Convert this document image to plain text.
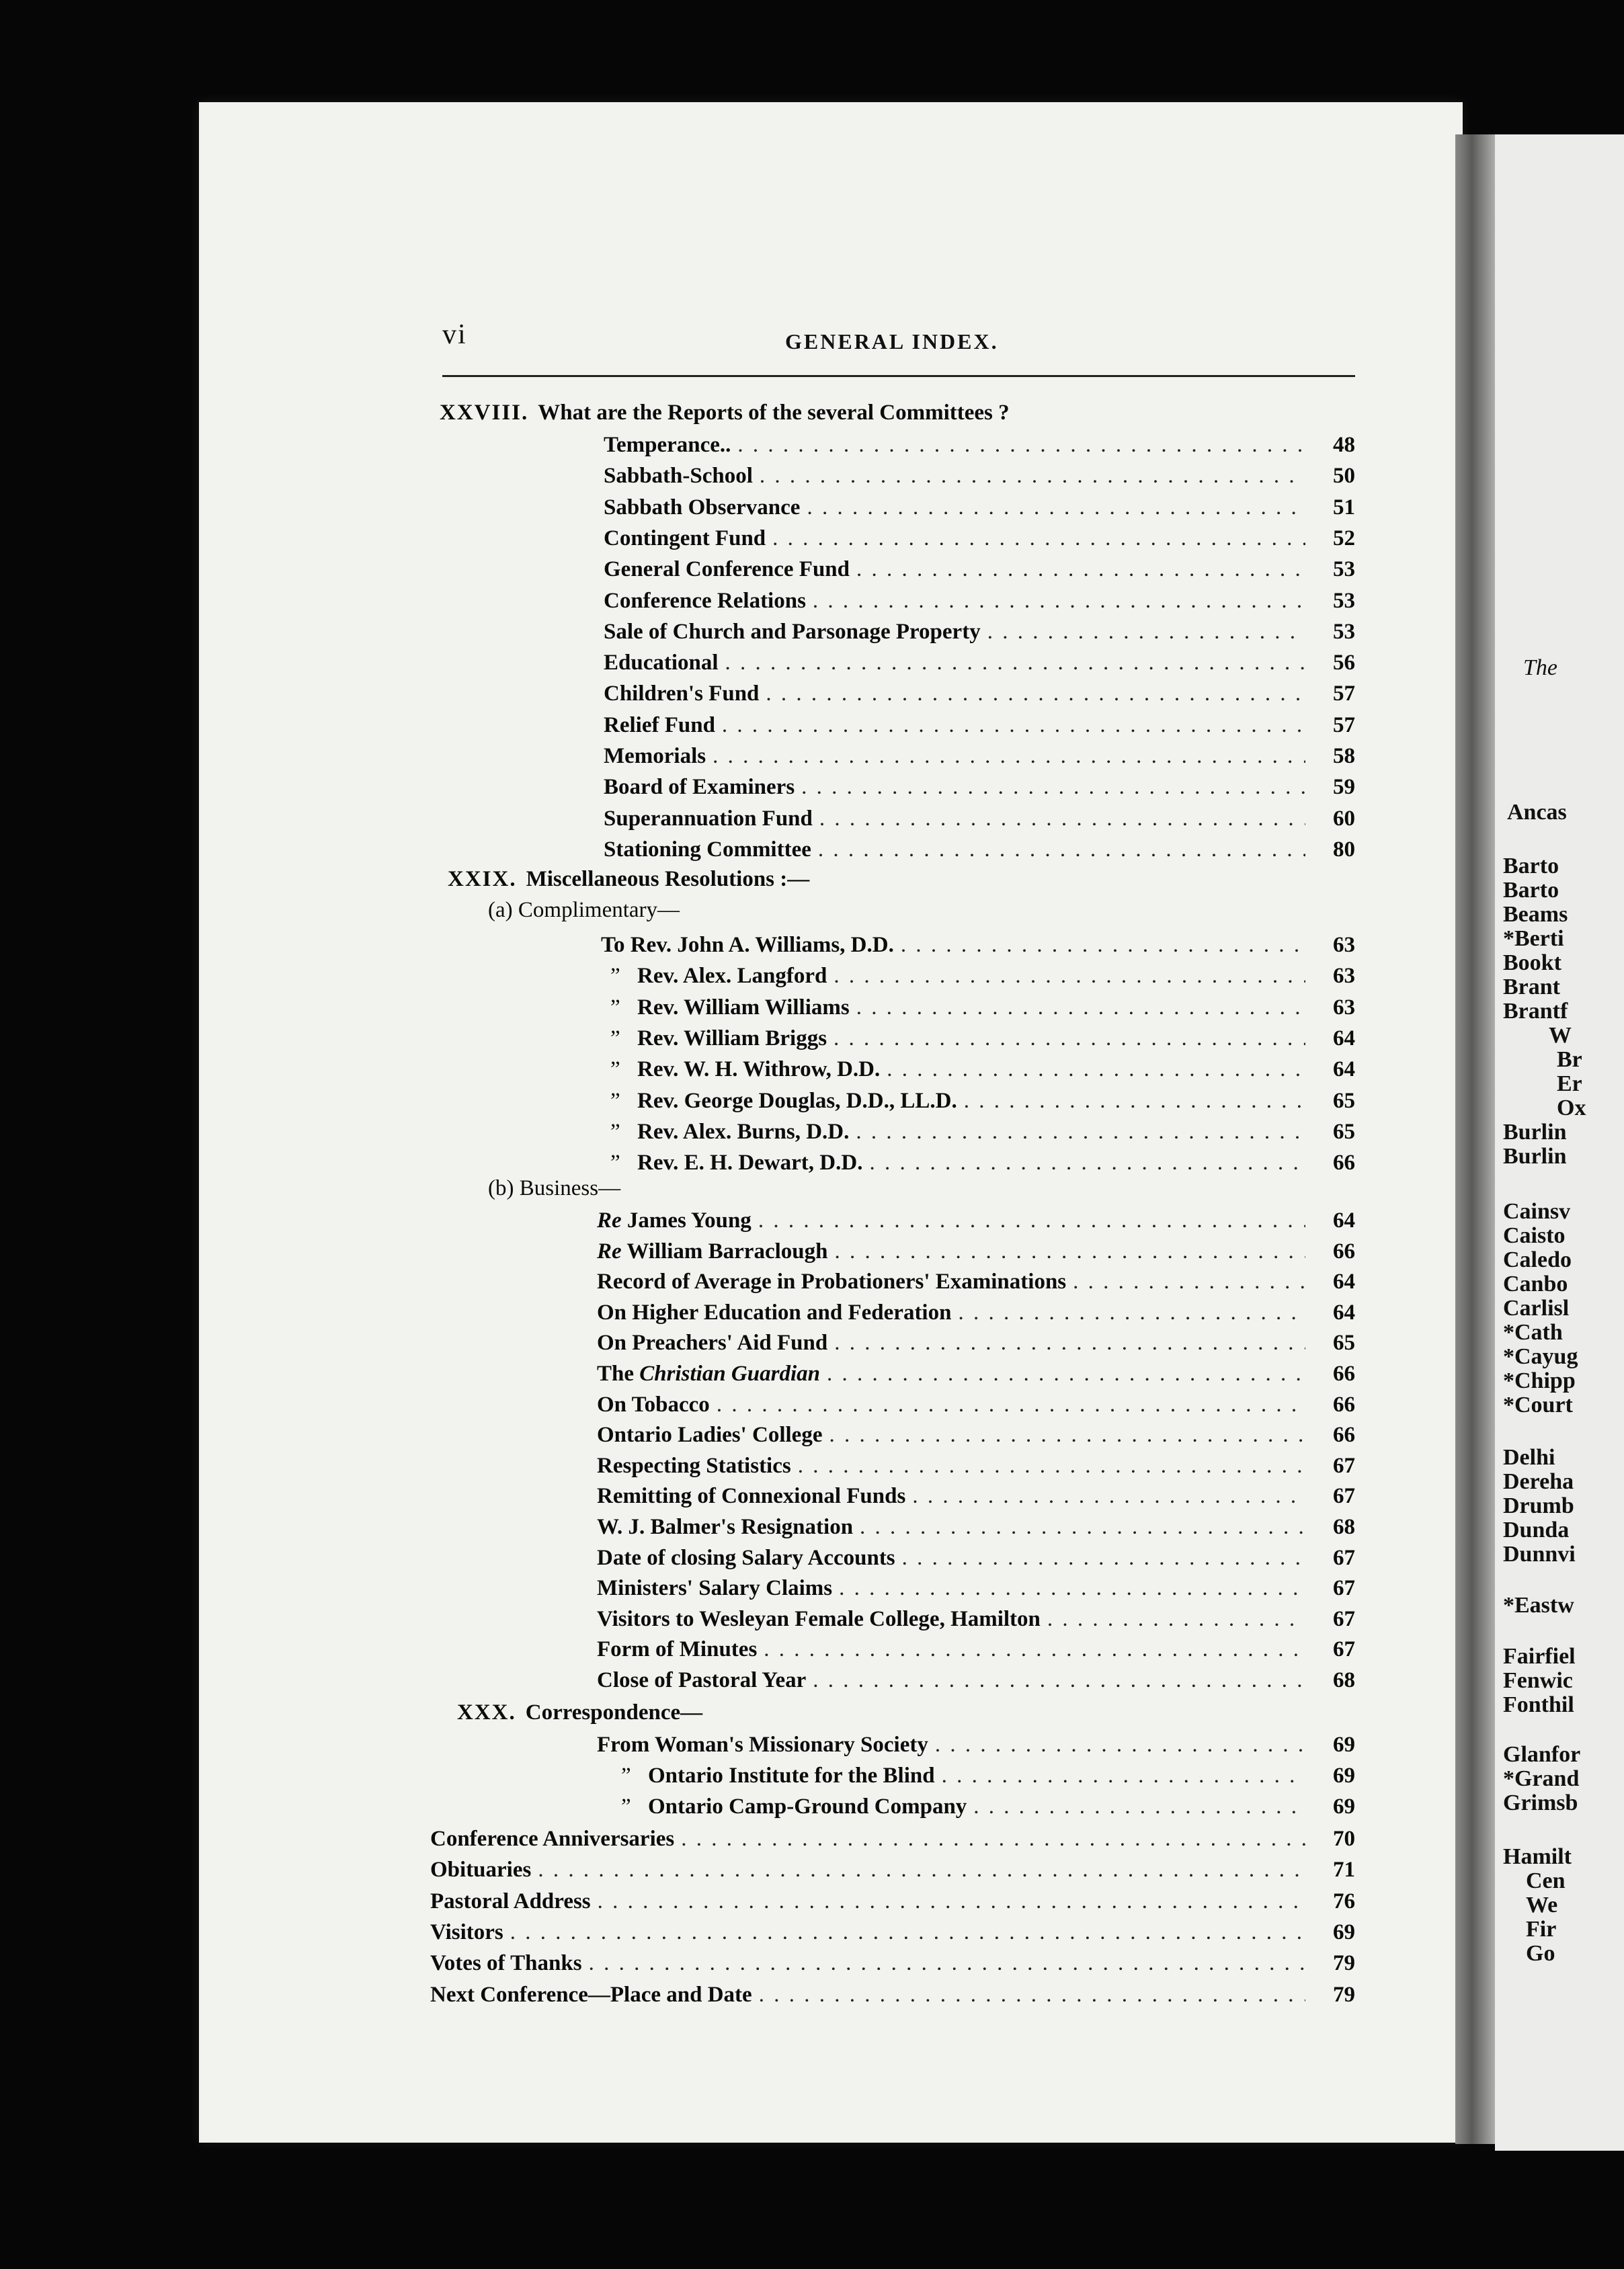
The
Ancas
Barto
Barto
Beams
*Berti
Bookt
Brant
Brantf
W
Br
Er
Ox
Burlin
Burlin
Cainsv
Caisto
Caledo
Canbo
Carlisl
*Cath
*Cayug
*Chipp
*Court
Delhi
Dereha
Drumb
Dunda
Dunnvi
*Eastw
Fairfiel
Fenwic
Fonthil
Glanfor
*Grand
Grimsb
Hamilt
Cen
We
Fir
Go
vi	GENERAL INDEX.
XXVIII. What are the Reports of the several Committees ?
Temperance.. . . .	48
Sabbath-School . . .	50
Sabbath Observance . . .	51
Contingent Fund . . .	52
General Conference Fund . . .	53
Conference Relations . . .	53
Sale of Church and Parsonage Property . . .	53
Educational . . .	56
Children's Fund . . .	57
Relief Fund . . .	57
Memorials . . .	58
Board of Examiners . . .	59
Superannuation Fund . . .	60
Stationing Committee . . .	80
XXIX. Miscellaneous Resolutions :—
(a) Complimentary—
To Rev. John A. Williams, D.D. . . .	63
” Rev. Alex. Langford . . .	63
” Rev. William Williams . . .	63
” Rev. William Briggs . . .	64
” Rev. W. H. Withrow, D.D. . . .	64
” Rev. George Douglas, D.D., LL.D. . . .	65
” Rev. Alex. Burns, D.D. . . .	65
” Rev. E. H. Dewart, D.D. . . .	66
(b) Business—
Re James Young . . .	64
Re William Barraclough . . .	66
Record of Average in Probationers' Examinations . . .	64
On Higher Education and Federation . . .	64
On Preachers' Aid Fund . . .	65
The Christian Guardian . . .	66
On Tobacco . . .	66
Ontario Ladies' College . . .	66
Respecting Statistics . . .	67
Remitting of Connexional Funds . . .	67
W. J. Balmer's Resignation . . .	68
Date of closing Salary Accounts . . .	67
Ministers' Salary Claims . . .	67
Visitors to Wesleyan Female College, Hamilton . . .	67
Form of Minutes . . .	67
Close of Pastoral Year . . .	68
XXX. Correspondence—
From Woman's Missionary Society . . .	69
” Ontario Institute for the Blind . . .	69
” Ontario Camp-Ground Company . . .	69
Conference Anniversaries . . .	70
Obituaries . . .	71
Pastoral Address . . .	76
Visitors . . .	69
Votes of Thanks . . .	79
Next Conference—Place and Date . . .	79
